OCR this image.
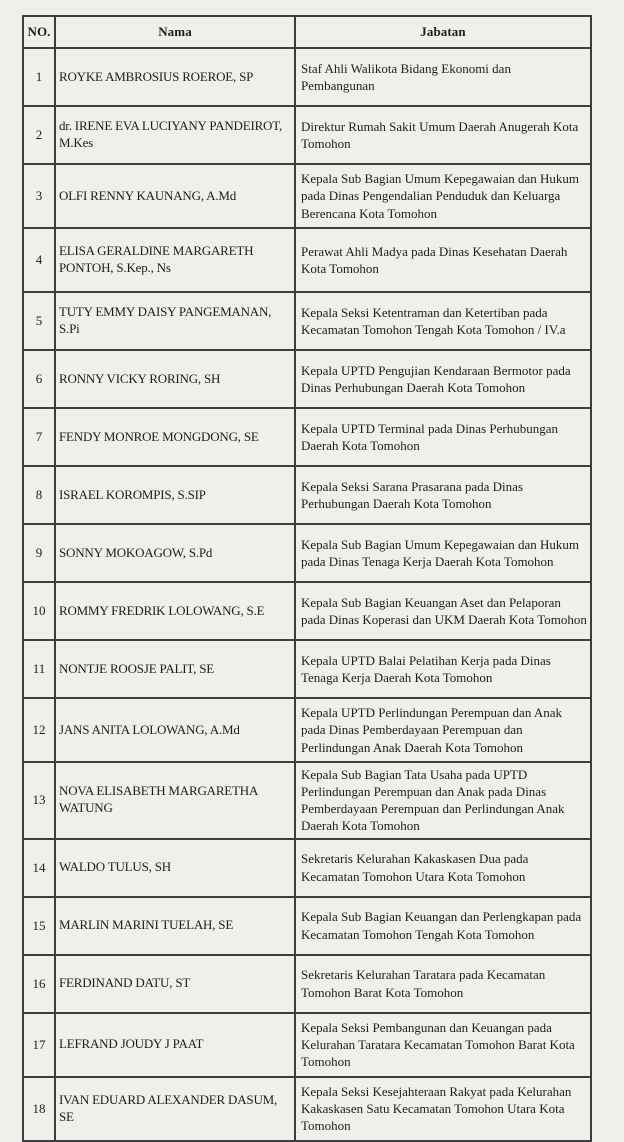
NO.	Nama	Jabatan
1	ROYKE AMBROSIUS ROEROE, SP	Staf Ahli Walikota Bidang Ekonomi dan Pembangunan
2	dr. IRENE EVA LUCIYANY PANDEIROT, M.Kes	Direktur Rumah Sakit Umum Daerah Anugerah Kota Tomohon
3	OLFI RENNY KAUNANG, A.Md	Kepala Sub Bagian Umum Kepegawaian dan Hukum pada Dinas Pengendalian Penduduk dan Keluarga Berencana Kota Tomohon
4	ELISA GERALDINE MARGARETH PONTOH, S.Kep., Ns	Perawat Ahli Madya pada Dinas Kesehatan Daerah Kota Tomohon
5	TUTY EMMY DAISY PANGEMANAN, S.Pi	Kepala Seksi Ketentraman dan Ketertiban pada Kecamatan Tomohon Tengah Kota Tomohon / IV.a
6	RONNY VICKY RORING, SH	Kepala UPTD Pengujian Kendaraan Bermotor pada Dinas Perhubungan Daerah Kota Tomohon
7	FENDY MONROE MONGDONG, SE	Kepala UPTD Terminal pada Dinas Perhubungan Daerah Kota Tomohon
8	ISRAEL KOROMPIS, S.SIP	Kepala Seksi Sarana Prasarana pada Dinas Perhubungan Daerah Kota Tomohon
9	SONNY MOKOAGOW, S.Pd	Kepala Sub Bagian Umum Kepegawaian dan Hukum pada Dinas Tenaga Kerja Daerah Kota Tomohon
10	ROMMY FREDRIK LOLOWANG, S.E	Kepala Sub Bagian Keuangan Aset dan Pelaporan pada Dinas Koperasi dan UKM Daerah Kota Tomohon
11	NONTJE ROOSJE PALIT, SE	Kepala UPTD Balai Pelatihan Kerja pada Dinas Tenaga Kerja Daerah Kota Tomohon
12	JANS ANITA LOLOWANG, A.Md	Kepala UPTD Perlindungan Perempuan dan Anak pada Dinas Pemberdayaan Perempuan dan Perlindungan Anak Daerah Kota Tomohon
13	NOVA ELISABETH MARGARETHA WATUNG	Kepala Sub Bagian Tata Usaha pada UPTD Perlindungan Perempuan dan Anak pada Dinas Pemberdayaan Perempuan dan Perlindungan Anak Daerah Kota Tomohon
14	WALDO TULUS, SH	Sekretaris Kelurahan Kakaskasen Dua pada Kecamatan Tomohon Utara Kota Tomohon
15	MARLIN MARINI TUELAH, SE	Kepala Sub Bagian Keuangan dan Perlengkapan pada Kecamatan Tomohon Tengah Kota Tomohon
16	FERDINAND DATU, ST	Sekretaris Kelurahan Taratara pada Kecamatan Tomohon Barat Kota Tomohon
17	LEFRAND JOUDY J PAAT	Kepala Seksi Pembangunan dan Keuangan pada Kelurahan Taratara Kecamatan Tomohon Barat Kota Tomohon
18	IVAN EDUARD ALEXANDER DASUM, SE	Kepala Seksi Kesejahteraan Rakyat pada Kelurahan Kakaskasen Satu Kecamatan Tomohon Utara Kota Tomohon
